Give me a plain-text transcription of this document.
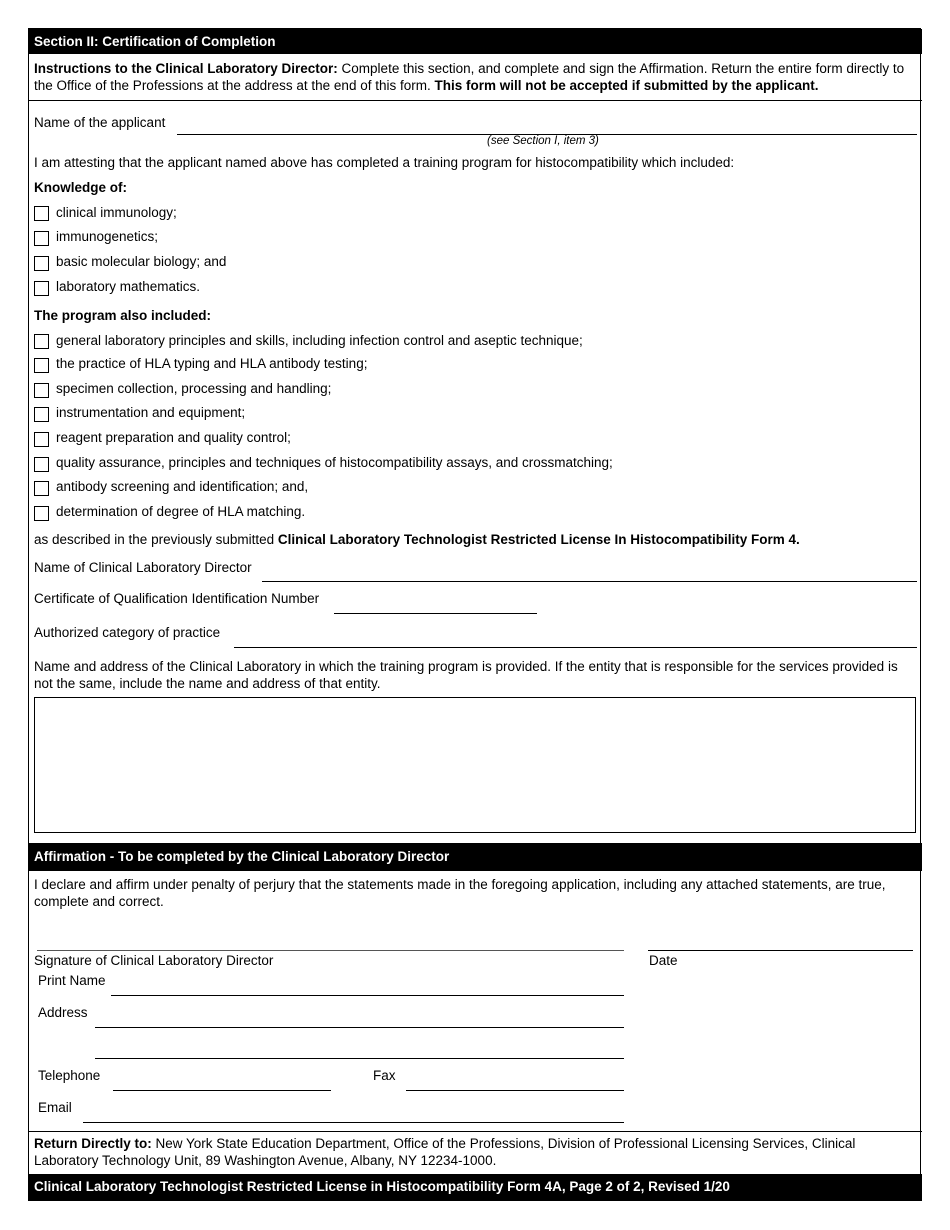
Section II: Certification of Completion
Instructions to the Clinical Laboratory Director: Complete this section, and complete and sign the Affirmation. Return the entire form directly to the Office of the Professions at the address at the end of this form. This form will not be accepted if submitted by the applicant.
Name of the applicant
(see Section I, item 3)
I am attesting that the applicant named above has completed a training program for histocompatibility which included:
Knowledge of:
clinical immunology;
immunogenetics;
basic molecular biology; and
laboratory mathematics.
The program also included:
general laboratory principles and skills, including infection control and aseptic technique;
the practice of HLA typing and HLA antibody testing;
specimen collection, processing and handling;
instrumentation and equipment;
reagent preparation and quality control;
quality assurance, principles and techniques of histocompatibility assays, and crossmatching;
antibody screening and identification; and,
determination of degree of HLA matching.
as described in the previously submitted Clinical Laboratory Technologist Restricted License In Histocompatibility Form 4.
Name of Clinical Laboratory Director
Certificate of Qualification Identification Number
Authorized category of practice
Name and address of the Clinical Laboratory in which the training program is provided. If the entity that is responsible for the services provided is not the same, include the name and address of that entity.
Affirmation - To be completed by the Clinical Laboratory Director
I declare and affirm under penalty of perjury that the statements made in the foregoing application, including any attached statements, are true, complete and correct.
Signature of Clinical Laboratory Director	Date
Print Name
Address
Telephone	Fax
Email
Return Directly to: New York State Education Department, Office of the Professions, Division of Professional Licensing Services, Clinical Laboratory Technology Unit, 89 Washington Avenue, Albany, NY 12234-1000.
Clinical Laboratory Technologist Restricted License in Histocompatibility Form 4A, Page 2 of 2, Revised 1/20
